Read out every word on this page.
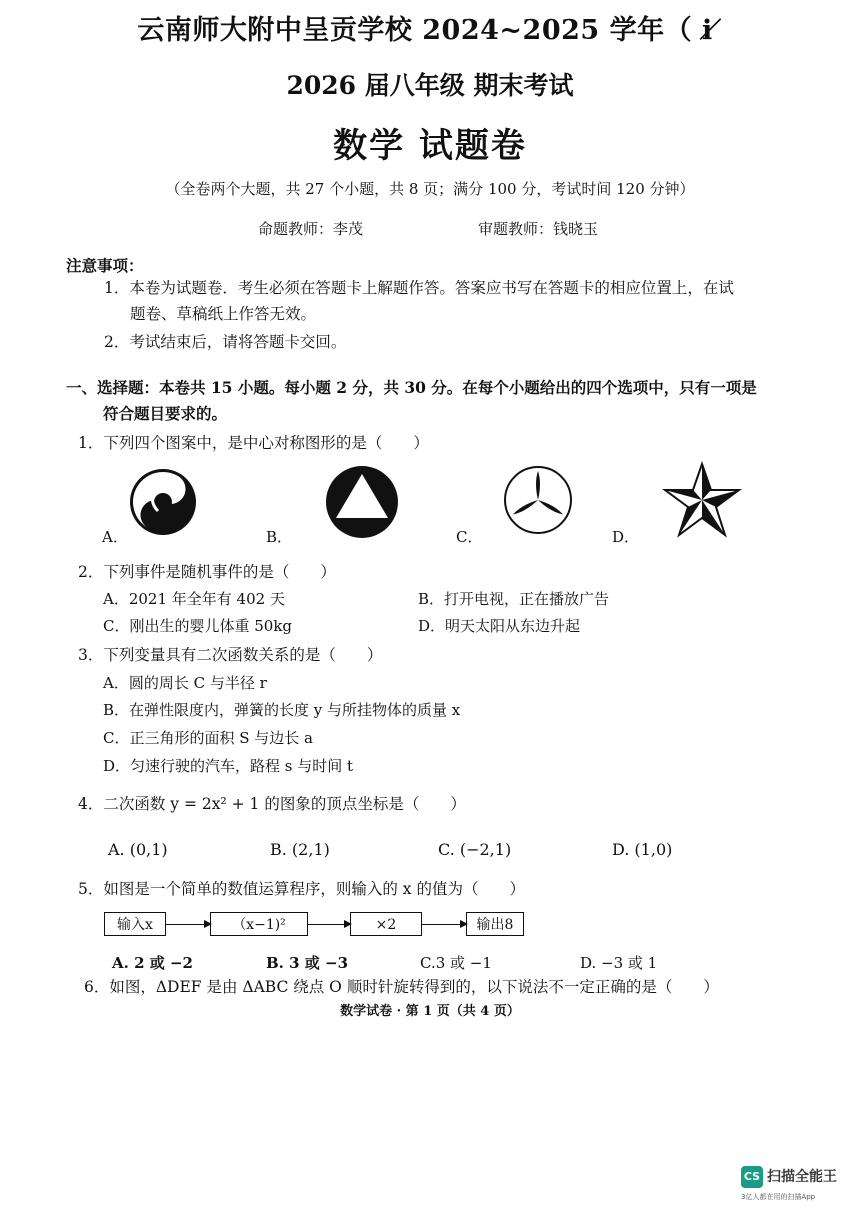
云南师大附中呈贡学校 2024~2025 学年（ i ̸
2026 届八年级 期末考试
数学 试题卷
（全卷两个大题，共 27 个小题，共 8 页；满分 100 分，考试时间 120 分钟）
命题教师：李茂	审题教师：钱晓玉
注意事项：
1．本卷为试题卷．考生必须在答题卡上解题作答。答案应书写在答题卡的相应位置上，在试
题卷、草稿纸上作答无效。
2．考试结束后，请将答题卡交回。
一、选择题：本卷共 15 小题。每小题 2 分，共 30 分。在每个小题给出的四个选项中，只有一项是
符合题目要求的。
1．下列四个图案中，是中心对称图形的是（　　）
A．	B．	C．	D．
2．下列事件是随机事件的是（　　）
A．2021 年全年有 402 天	B．打开电视，正在播放广告
C．刚出生的婴儿体重 50kg	D．明天太阳从东边升起
3．下列变量具有二次函数关系的是（　　）
A．圆的周长 C 与半径 r
B．在弹性限度内，弹簧的长度 y 与所挂物体的质量 x
C．正三角形的面积 S 与边长 a
D．匀速行驶的汽车，路程 s 与时间 t
4．二次函数 y = 2x² + 1 的图象的顶点坐标是（　　）
A. (0,1)	B. (2,1)	C. (−2,1)	D. (1,0)
5．如图是一个简单的数值运算程序，则输入的 x 的值为（　　）
输入x	（x−1)²	×2	输出8
A. 2 或 −2	B. 3 或 −3	C.3 或 −1	D. −3 或 1
6．如图，ΔDEF 是由 ΔABC 绕点 O 顺时针旋转得到的，以下说法不一定正确的是（　　）
数学试卷 · 第 1 页（共 4 页）
CS 扫描全能王
3亿人都在用的扫描App
